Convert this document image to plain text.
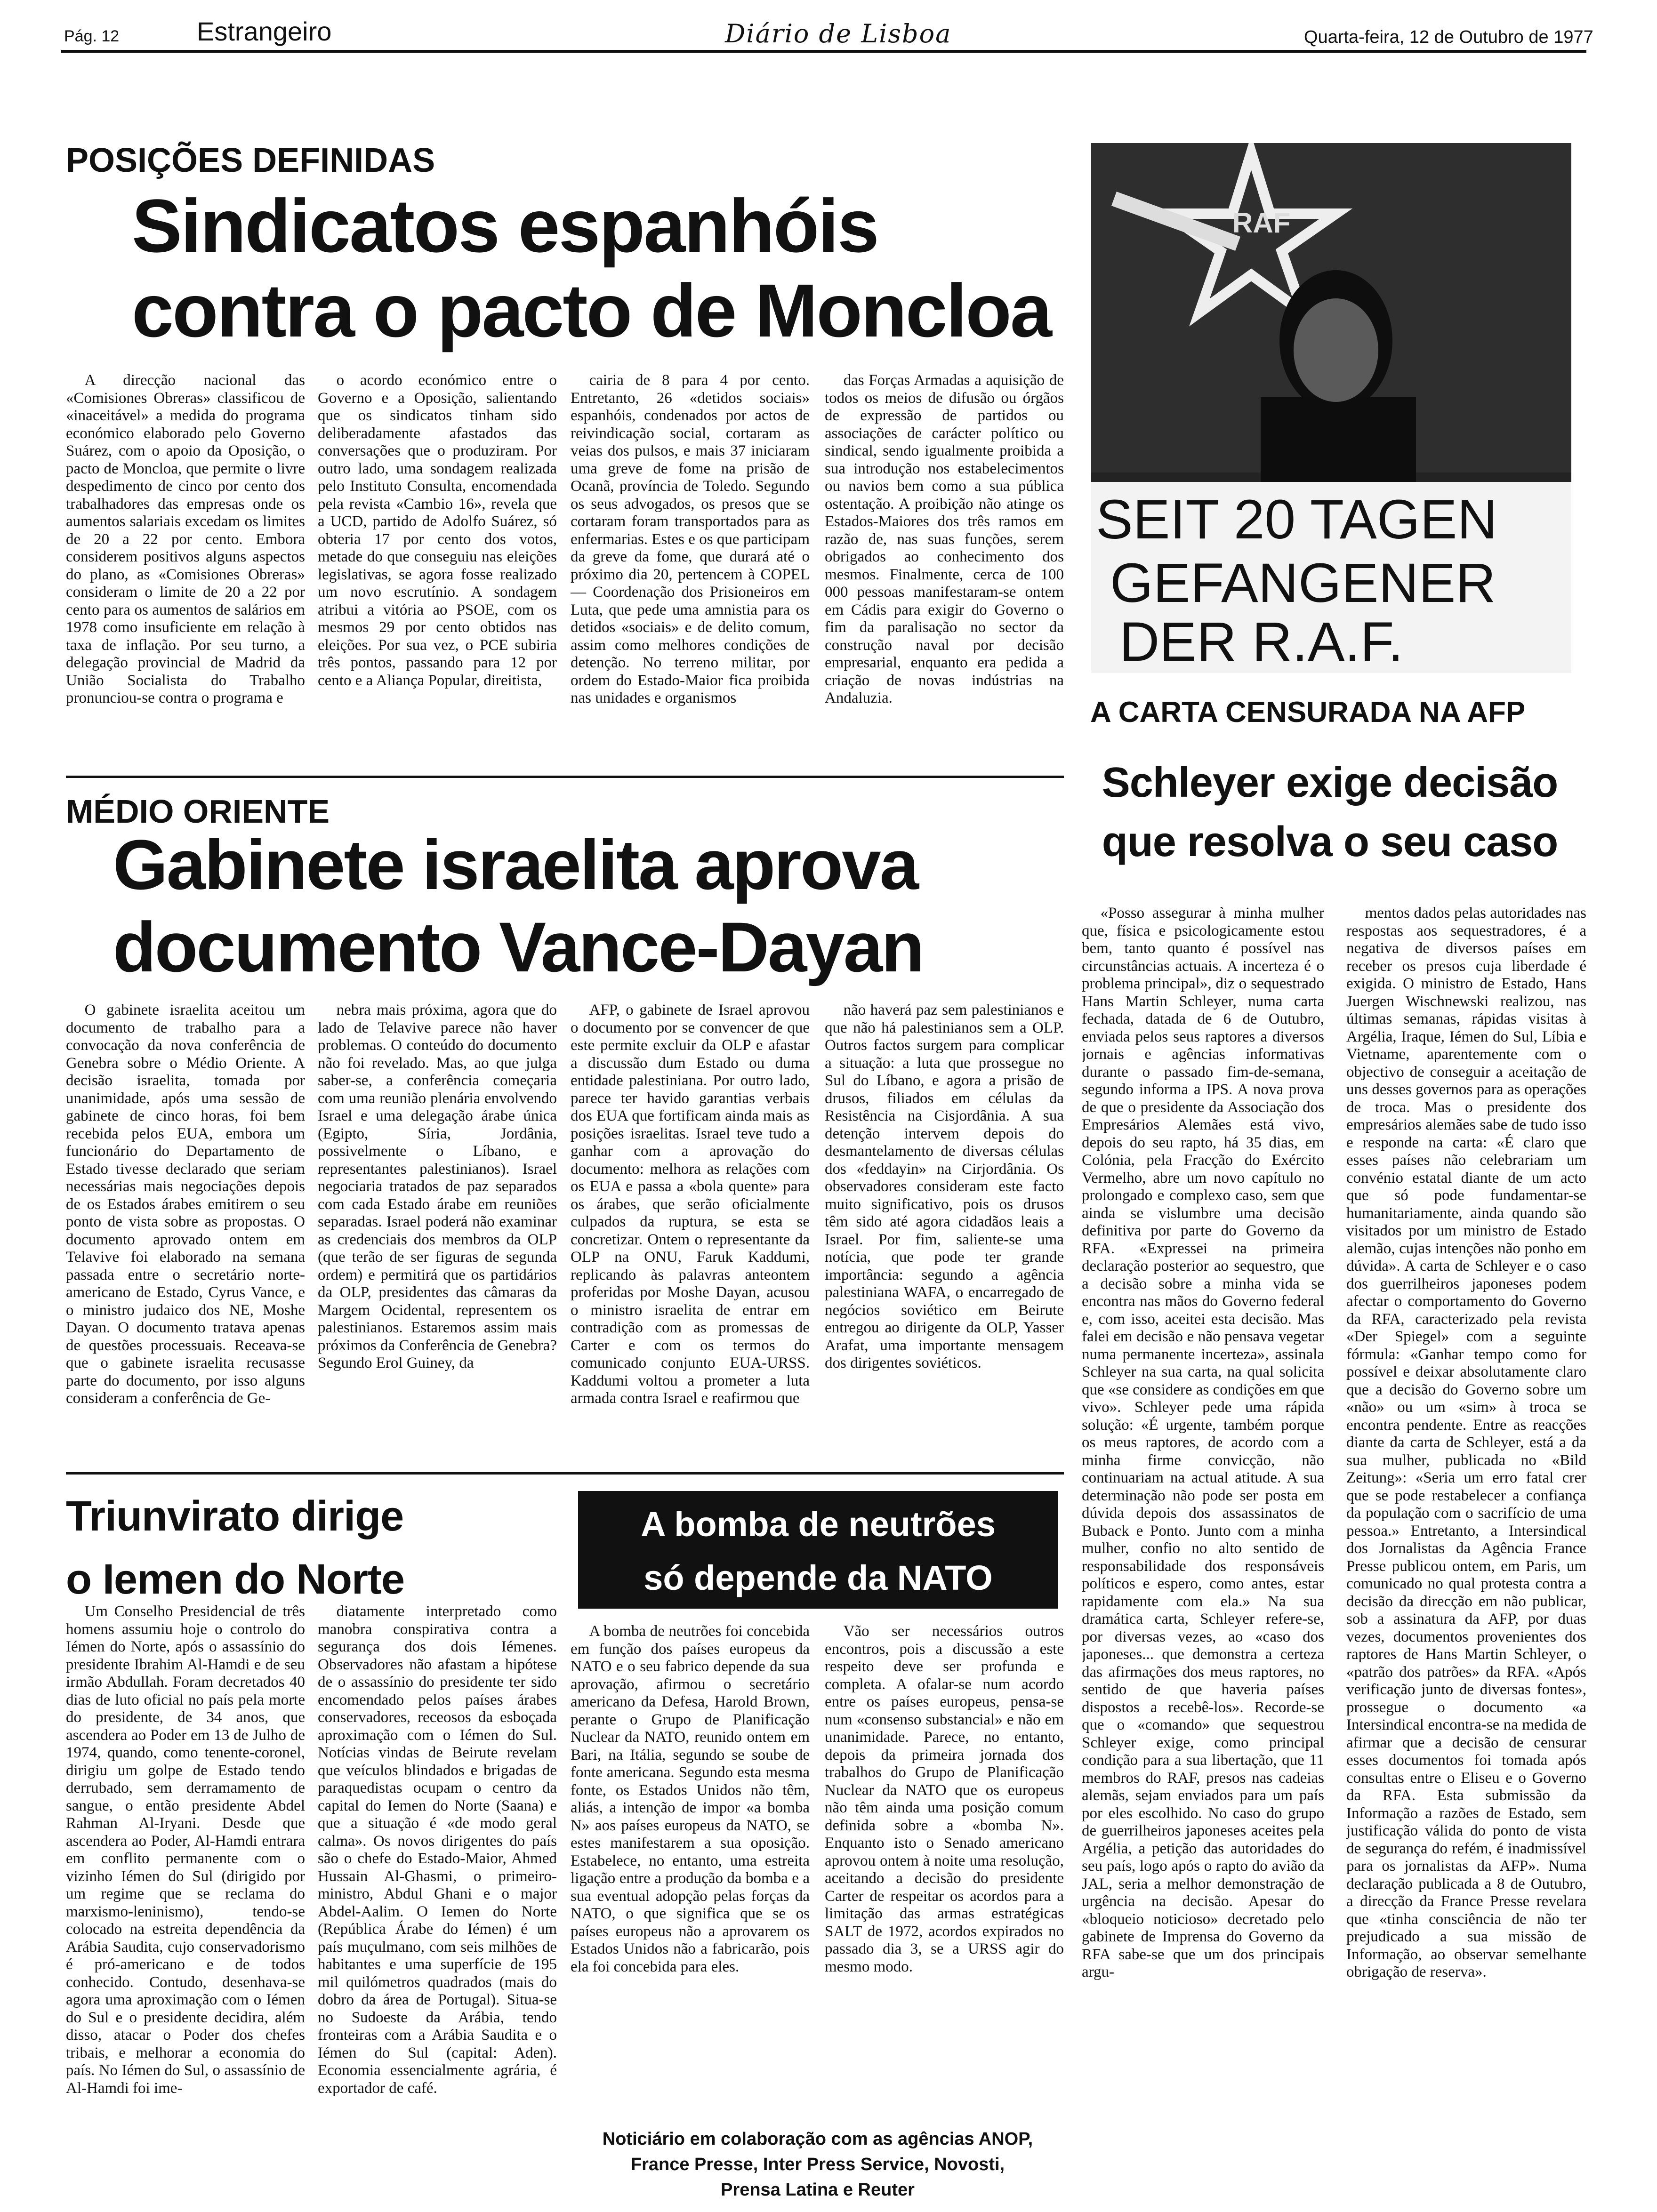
Pág. 12	Estrangeiro	Diário de Lisboa	Quarta-feira, 12 de Outubro de 1977
POSIÇÕES DEFINIDAS
Sindicatos espanhóis
contra o pacto de Moncloa

A direcção nacional das «Comisiones Obreras» classificou de «inaceitável» a medida do programa económico elaborado pelo Governo Suárez, com o apoio da Oposição, o pacto de Moncloa, que permite o livre despedimento de cinco por cento dos trabalhadores das empresas onde os aumentos salariais excedam os limites de 20 a 22 por cento. Embora considerem positivos alguns aspectos do plano, as «Comisiones Obreras» consideram o limite de 20 a 22 por cento para os aumentos de salários em 1978 como insuficiente em relação à taxa de inflação. Por seu turno, a delegação provincial de Madrid da União Socialista do Trabalho pronunciou-se contra o programa e

o acordo económico entre o Governo e a Oposição, salientando que os sindicatos tinham sido deliberadamente afastados das conversações que o produziram. Por outro lado, uma sondagem realizada pelo Instituto Consulta, encomendada pela revista «Cambio 16», revela que a UCD, partido de Adolfo Suárez, só obteria 17 por cento dos votos, metade do que conseguiu nas eleições legislativas, se agora fosse realizado um novo escrutínio. A sondagem atribui a vitória ao PSOE, com os mesmos 29 por cento obtidos nas eleições. Por sua vez, o PCE subiria três pontos, passando para 12 por cento e a Aliança Popular, direitista,

cairia de 8 para 4 por cento. Entretanto, 26 «detidos sociais» espanhóis, condenados por actos de reivindicação social, cortaram as veias dos pulsos, e mais 37 iniciaram uma greve de fome na prisão de Ocanã, província de Toledo. Segundo os seus advogados, os presos que se cortaram foram transportados para as enfermarias. Estes e os que participam da greve da fome, que durará até o próximo dia 20, pertencem à COPEL — Coordenação dos Prisioneiros em Luta, que pede uma amnistia para os detidos «sociais» e de delito comum, assim como melhores condições de detenção. No terreno militar, por ordem do Estado-Maior fica proibida nas unidades e organismos

das Forças Armadas a aquisição de todos os meios de difusão ou órgãos de expressão de partidos ou associações de carácter político ou sindical, sendo igualmente proibida a sua introdução nos estabelecimentos ou navios bem como a sua pública ostentação. A proibição não atinge os Estados-Maiores dos três ramos em razão de, nas suas funções, serem obrigados ao conhecimento dos mesmos. Finalmente, cerca de 100 000 pessoas manifestaram-se ontem em Cádis para exigir do Governo o fim da paralisação no sector da construção naval por decisão empresarial, enquanto era pedida a criação de novas indústrias na Andaluzia.

RAF
SEIT 20 TAGEN
GEFANGENER
DER R.A.F.
A CARTA CENSURADA NA AFP
Schleyer exige decisão
que resolva o seu caso

«Posso assegurar à minha mulher que, física e psicologicamente estou bem, tanto quanto é possível nas circunstâncias actuais. A incerteza é o problema principal», diz o sequestrado Hans Martin Schleyer, numa carta fechada, datada de 6 de Outubro, enviada pelos seus raptores a diversos jornais e agências informativas durante o passado fim-de-semana, segundo informa a IPS. A nova prova de que o presidente da Associação dos Empresários Alemães está vivo, depois do seu rapto, há 35 dias, em Colónia, pela Fracção do Exército Vermelho, abre um novo capítulo no prolongado e complexo caso, sem que ainda se vislumbre uma decisão definitiva por parte do Governo da RFA. «Expressei na primeira declaração posterior ao sequestro, que a decisão sobre a minha vida se encontra nas mãos do Governo federal e, com isso, aceitei esta decisão. Mas falei em decisão e não pensava vegetar numa permanente incerteza», assinala Schleyer na sua carta, na qual solicita que «se considere as condições em que vivo». Schleyer pede uma rápida solução: «É urgente, também porque os meus raptores, de acordo com a minha firme convicção, não continuariam na actual atitude. A sua determinação não pode ser posta em dúvida depois dos assassinatos de Buback e Ponto. Junto com a minha mulher, confio no alto sentido de responsabilidade dos responsáveis políticos e espero, como antes, estar rapidamente com ela.» Na sua dramática carta, Schleyer refere-se, por diversas vezes, ao «caso dos japoneses... que demonstra a certeza das afirmações dos meus raptores, no sentido de que haveria países dispostos a recebê-los». Recorde-se que o «comando» que sequestrou Schleyer exige, como principal condição para a sua libertação, que 11 membros do RAF, presos nas cadeias alemãs, sejam enviados para um país por eles escolhido. No caso do grupo de guerrilheiros japoneses aceites pela Argélia, a petição das autoridades do seu país, logo após o rapto do avião da JAL, seria a melhor demonstração de urgência na decisão. Apesar do «bloqueio noticioso» decretado pelo gabinete de Imprensa do Governo da RFA sabe-se que um dos principais argu-

mentos dados pelas autoridades nas respostas aos sequestradores, é a negativa de diversos países em receber os presos cuja liberdade é exigida. O ministro de Estado, Hans Juergen Wischnewski realizou, nas últimas semanas, rápidas visitas à Argélia, Iraque, Iémen do Sul, Líbia e Vietname, aparentemente com o objectivo de conseguir a aceitação de uns desses governos para as operações de troca. Mas o presidente dos empresários alemães sabe de tudo isso e responde na carta: «É claro que esses países não celebrariam um convénio estatal diante de um acto que só pode fundamentar-se humanitariamente, ainda quando são visitados por um ministro de Estado alemão, cujas intenções não ponho em dúvida». A carta de Schleyer e o caso dos guerrilheiros japoneses podem afectar o comportamento do Governo da RFA, caracterizado pela revista «Der Spiegel» com a seguinte fórmula: «Ganhar tempo como for possível e deixar absolutamente claro que a decisão do Governo sobre um «não» ou um «sim» à troca se encontra pendente. Entre as reacções diante da carta de Schleyer, está a da sua mulher, publicada no «Bild Zeitung»: «Seria um erro fatal crer que se pode restabelecer a confiança da população com o sacrifício de uma pessoa.» Entretanto, a Intersindical dos Jornalistas da Agência France Presse publicou ontem, em Paris, um comunicado no qual protesta contra a decisão da direcção em não publicar, sob a assinatura da AFP, por duas vezes, documentos provenientes dos raptores de Hans Martin Schleyer, o «patrão dos patrões» da RFA. «Após verificação junto de diversas fontes», prossegue o documento «a Intersindical encontra-se na medida de afirmar que a decisão de censurar esses documentos foi tomada após consultas entre o Eliseu e o Governo da RFA. Esta submissão da Informação a razões de Estado, sem justificação válida do ponto de vista de segurança do refém, é inadmissível para os jornalistas da AFP». Numa declaração publicada a 8 de Outubro, a direcção da France Presse revelara que «tinha consciência de não ter prejudicado a sua missão de Informação, ao observar semelhante obrigação de reserva».

MÉDIO ORIENTE
Gabinete israelita aprova
documento Vance-Dayan

O gabinete israelita aceitou um documento de trabalho para a convocação da nova conferência de Genebra sobre o Médio Oriente. A decisão israelita, tomada por unanimidade, após uma sessão de gabinete de cinco horas, foi bem recebida pelos EUA, embora um funcionário do Departamento de Estado tivesse declarado que seriam necessárias mais negociações depois de os Estados árabes emitirem o seu ponto de vista sobre as propostas. O documento aprovado ontem em Telavive foi elaborado na semana passada entre o secretário norte-americano de Estado, Cyrus Vance, e o ministro judaico dos NE, Moshe Dayan. O documento tratava apenas de questões processuais. Receava-se que o gabinete israelita recusasse parte do documento, por isso alguns consideram a conferência de Ge-

nebra mais próxima, agora que do lado de Telavive parece não haver problemas. O conteúdo do documento não foi revelado. Mas, ao que julga saber-se, a conferência começaria com uma reunião plenária envolvendo Israel e uma delegação árabe única (Egipto, Síria, Jordânia, possivelmente o Líbano, e representantes palestinianos). Israel negociaria tratados de paz separados com cada Estado árabe em reuniões separadas. Israel poderá não examinar as credenciais dos membros da OLP (que terão de ser figuras de segunda ordem) e permitirá que os partidários da OLP, presidentes das câmaras da Margem Ocidental, representem os palestinianos. Estaremos assim mais próximos da Conferência de Genebra? Segundo Erol Guiney, da

AFP, o gabinete de Israel aprovou o documento por se convencer de que este permite excluir da OLP e afastar a discussão dum Estado ou duma entidade palestiniana. Por outro lado, parece ter havido garantias verbais dos EUA que fortificam ainda mais as posições israelitas. Israel teve tudo a ganhar com a aprovação do documento: melhora as relações com os EUA e passa a «bola quente» para os árabes, que serão oficialmente culpados da ruptura, se esta se concretizar. Ontem o representante da OLP na ONU, Faruk Kaddumi, replicando às palavras anteontem proferidas por Moshe Dayan, acusou o ministro israelita de entrar em contradição com as promessas de Carter e com os termos do comunicado conjunto EUA-URSS. Kaddumi voltou a prometer a luta armada contra Israel e reafirmou que

não haverá paz sem palestinianos e que não há palestinianos sem a OLP. Outros factos surgem para complicar a situação: a luta que prossegue no Sul do Líbano, e agora a prisão de drusos, filiados em células da Resistência na Cisjordânia. A sua detenção intervem depois do desmantelamento de diversas células dos «feddayin» na Cirjordânia. Os observadores consideram este facto muito significativo, pois os drusos têm sido até agora cidadãos leais a Israel. Por fim, saliente-se uma notícia, que pode ter grande importância: segundo a agência palestiniana WAFA, o encarregado de negócios soviético em Beirute entregou ao dirigente da OLP, Yasser Arafat, uma importante mensagem dos dirigentes soviéticos.

Triunvirato dirige
o Iemen do Norte

Um Conselho Presidencial de três homens assumiu hoje o controlo do Iémen do Norte, após o assassínio do presidente Ibrahim Al-Hamdi e de seu irmão Abdullah. Foram decretados 40 dias de luto oficial no país pela morte do presidente, de 34 anos, que ascendera ao Poder em 13 de Julho de 1974, quando, como tenente-coronel, dirigiu um golpe de Estado tendo derrubado, sem derramamento de sangue, o então presidente Abdel Rahman Al-Iryani. Desde que ascendera ao Poder, Al-Hamdi entrara em conflito permanente com o vizinho Iémen do Sul (dirigido por um regime que se reclama do marxismo-leninismo), tendo-se colocado na estreita dependência da Arábia Saudita, cujo conservadorismo é pró-americano e de todos conhecido. Contudo, desenhava-se agora uma aproximação com o Iémen do Sul e o presidente decidira, além disso, atacar o Poder dos chefes tribais, e melhorar a economia do país. No Iémen do Sul, o assassínio de Al-Hamdi foi ime-

diatamente interpretado como manobra conspirativa contra a segurança dos dois Iémenes. Observadores não afastam a hipótese de o assassínio do presidente ter sido encomendado pelos países árabes conservadores, receosos da esboçada aproximação com o Iémen do Sul. Notícias vindas de Beirute revelam que veículos blindados e brigadas de paraquedistas ocupam o centro da capital do Iemen do Norte (Saana) e que a situação é «de modo geral calma». Os novos dirigentes do país são o chefe do Estado-Maior, Ahmed Hussain Al-Ghasmi, o primeiro-ministro, Abdul Ghani e o major Abdel-Aalim. O Iemen do Norte (República Árabe do Iémen) é um país muçulmano, com seis milhões de habitantes e uma superfície de 195 mil quilómetros quadrados (mais do dobro da área de Portugal). Situa-se no Sudoeste da Arábia, tendo fronteiras com a Arábia Saudita e o Iémen do Sul (capital: Aden). Economia essencialmente agrária, é exportador de café.

A bomba de neutrões
só depende da NATO

A bomba de neutrões foi concebida em função dos países europeus da NATO e o seu fabrico depende da sua aprovação, afirmou o secretário americano da Defesa, Harold Brown, perante o Grupo de Planificação Nuclear da NATO, reunido ontem em Bari, na Itália, segundo se soube de fonte americana. Segundo esta mesma fonte, os Estados Unidos não têm, aliás, a intenção de impor «a bomba N» aos países europeus da NATO, se estes manifestarem a sua oposição. Estabelece, no entanto, uma estreita ligação entre a produção da bomba e a sua eventual adopção pelas forças da NATO, o que significa que se os países europeus não a aprovarem os Estados Unidos não a fabricarão, pois ela foi concebida para eles.

Vão ser necessários outros encontros, pois a discussão a este respeito deve ser profunda e completa. A ofalar-se num acordo entre os países europeus, pensa-se num «consenso substancial» e não em unanimidade. Parece, no entanto, depois da primeira jornada dos trabalhos do Grupo de Planificação Nuclear da NATO que os europeus não têm ainda uma posição comum definida sobre a «bomba N». Enquanto isto o Senado americano aprovou ontem à noite uma resolução, aceitando a decisão do presidente Carter de respeitar os acordos para a limitação das armas estratégicas SALT de 1972, acordos expirados no passado dia 3, se a URSS agir do mesmo modo.

Noticiário em colaboração com as agências ANOP,
France Presse, Inter Press Service, Novosti,
Prensa Latina e Reuter
